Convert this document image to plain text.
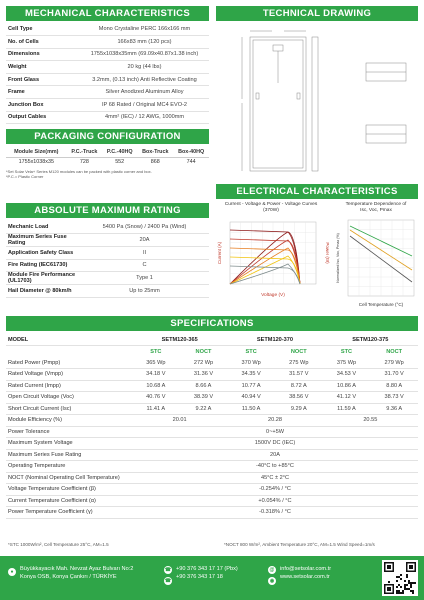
MECHANICAL CHARACTERISTICS	TECHNICAL DRAWING
Cell Type	Mono Crystaline PERC 166x166 mm
No. of Cells	166x83 mm (120 pcs)
Dimensions	1755x1038x35mm (69.09x40.87x1.38 inch)
Weight	20 kg (44 lbs)
Front Glass	3.2mm, (0.13 inch) Anti Reflective Coating
Frame	Silver Anodized Aluminum Alloy
Junction Box	IP 68 Rated / Original MC4 EVO-2
Output Cables	4mm² (IEC) / 12 AWG, 1000mm
PACKAGING CONFIGURATION
Module Size(mm)	P.C.-Truck	P.C.-40HQ	Box-Truck	Box-40HQ
1755x1038x35	728	552	868	744
*Set Solar Vela+ Series M120 modules can be packed with plastic corner and box.
*P.C.= Plastic Corner
ELECTRICAL CHARACTERISTICS
ABSOLUTE MAXIMUM RATING
Mechanic Load	5400 Pa (Snow) / 2400 Pa (Wind)
Maximum Series Fuse Rating	20A
Application Safety Class	II
Fire Rating (IEC61730)	C
Module Fire Performance (UL1703)	Type 1
Hail Diameter @ 80km/h	Up to 25mm
Current - Voltage & Power - Voltage Curves
(370W)
Current (A)	Power (W)
Voltage (V)
Temperature Dependence of
Isc, Voc, Pmax
Normalized Isc, Voc, Pmax (%)
Cell Temperature (°C)
SPECIFICATIONS
MODEL	SETM120-365		SETM120-370		SETM120-375	
	STC	NOCT	STC	NOCT	STC	NOCT
Rated Power (Pmpp)	365 Wp	272 Wp	370 Wp	275 Wp	375 Wp	279 Wp
Rated Voltage (Vmpp)	34.18 V	31.36 V	34.35 V	31.57 V	34.53 V	31.70 V
Rated Current (Impp)	10.68 A	8.66 A	10.77 A	8.72 A	10.86 A	8.80 A
Open Circuit Voltage (Voc)	40.76 V	38.39 V	40.94 V	38.56 V	41.12 V	38.73 V
Short Circuit Current (Isc)	11.41 A	9.22 A	11.50 A	9.29 A	11.59 A	9.36 A
Module Efficiency (%)	20.01		20.28		20.55	
Power Tolerance	0~+5W					
Maximum System Voltage	1500V DC (IEC)					
Maximum Series Fuse Rating	20A					
Operating Temperature	-40°C to +85°C					
NOCT (Nominal Operating Cell Temperature)	45°C ± 2°C					
Voltage Temperature Coefficient (β)	-0.254% / °C					
Current Temperature Coefficient (α)	+0.054% / °C					
Power Temperature Coefficient (γ)	-0.318% / °C					
*STC 1000W/m², Cell Temperature 25°C, AM=1.5	*NOCT 800 W/m², Ambient Temperature 20°C, AM=1.5 Wind Speed=1m/s
●	Büyükkayacık Mah. Nevzat Ayaz Bulvarı No:2
Konya OSB, Konya Çankırı / TÜRKİYE
☎
☎
+90 376 343 17 17 (Pbx)
+90 376 343 17 18
@
◉
info@setsolar.com.tr
www.setsolar.com.tr
